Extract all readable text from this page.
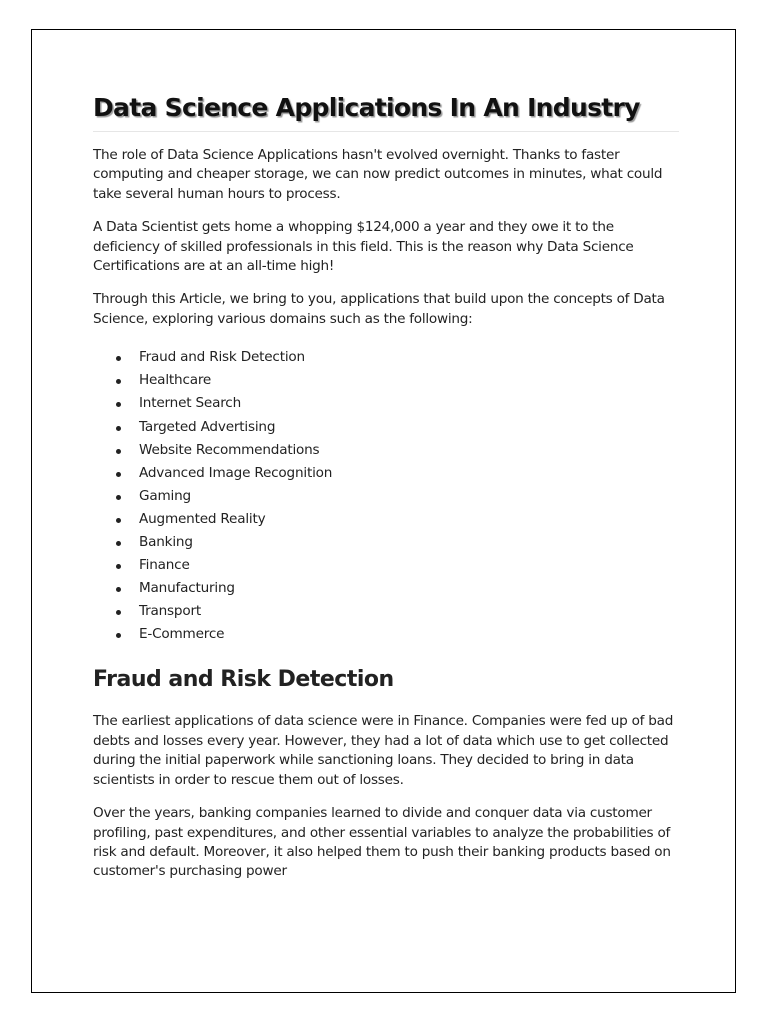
Data Science Applications In An Industry

The role of Data Science Applications hasn't evolved overnight. Thanks to faster computing and cheaper storage, we can now predict outcomes in minutes, what could take several human hours to process.

A Data Scientist gets home a whopping $124,000 a year and they owe it to the deficiency of skilled professionals in this field. This is the reason why Data Science Certifications are at an all-time high!

Through this Article, we bring to you, applications that build upon the concepts of Data Science, exploring various domains such as the following:

Fraud and Risk Detection
Healthcare
Internet Search
Targeted Advertising
Website Recommendations
Advanced Image Recognition
Gaming
Augmented Reality
Banking
Finance
Manufacturing
Transport
E-Commerce
Fraud and Risk Detection

The earliest applications of data science were in Finance. Companies were fed up of bad debts and losses every year. However, they had a lot of data which use to get collected during the initial paperwork while sanctioning loans. They decided to bring in data scientists in order to rescue them out of losses.

Over the years, banking companies learned to divide and conquer data via customer profiling, past expenditures, and other essential variables to analyze the probabilities of risk and default. Moreover, it also helped them to push their banking products based on customer's purchasing power
